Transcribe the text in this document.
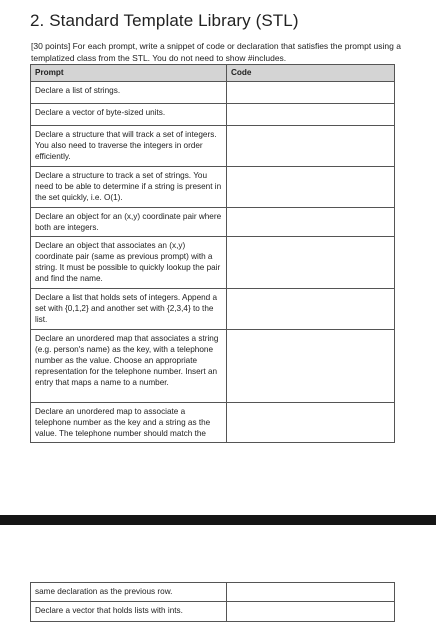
2. Standard Template Library (STL)
[30 points] For each prompt, write a snippet of code or declaration that satisfies the prompt using a templatized class from the STL. You do not need to show #includes.
Prompt	Code
Declare a list of strings.	
Declare a vector of byte-sized units.	
Declare a structure that will track a set of integers. You also need to traverse the integers in order efficiently.	
Declare a structure to track a set of strings. You need to be able to determine if a string is present in the set quickly, i.e. O(1).	
Declare an object for an (x,y) coordinate pair where both are integers.	
Declare an object that associates an (x,y) coordinate pair (same as previous prompt) with a string. It must be possible to quickly lookup the pair and find the name.	
Declare a list that holds sets of integers. Append a set with {0,1,2} and another set with {2,3,4} to the list.	
Declare an unordered map that associates a string (e.g. person's name) as the key, with a telephone number as the value. Choose an appropriate representation for the telephone number. Insert an entry that maps a name to a number.	
Declare an unordered map to associate a telephone number as the key and a string as the value. The telephone number should match the	
same declaration as the previous row.	
Declare a vector that holds lists with ints.	
